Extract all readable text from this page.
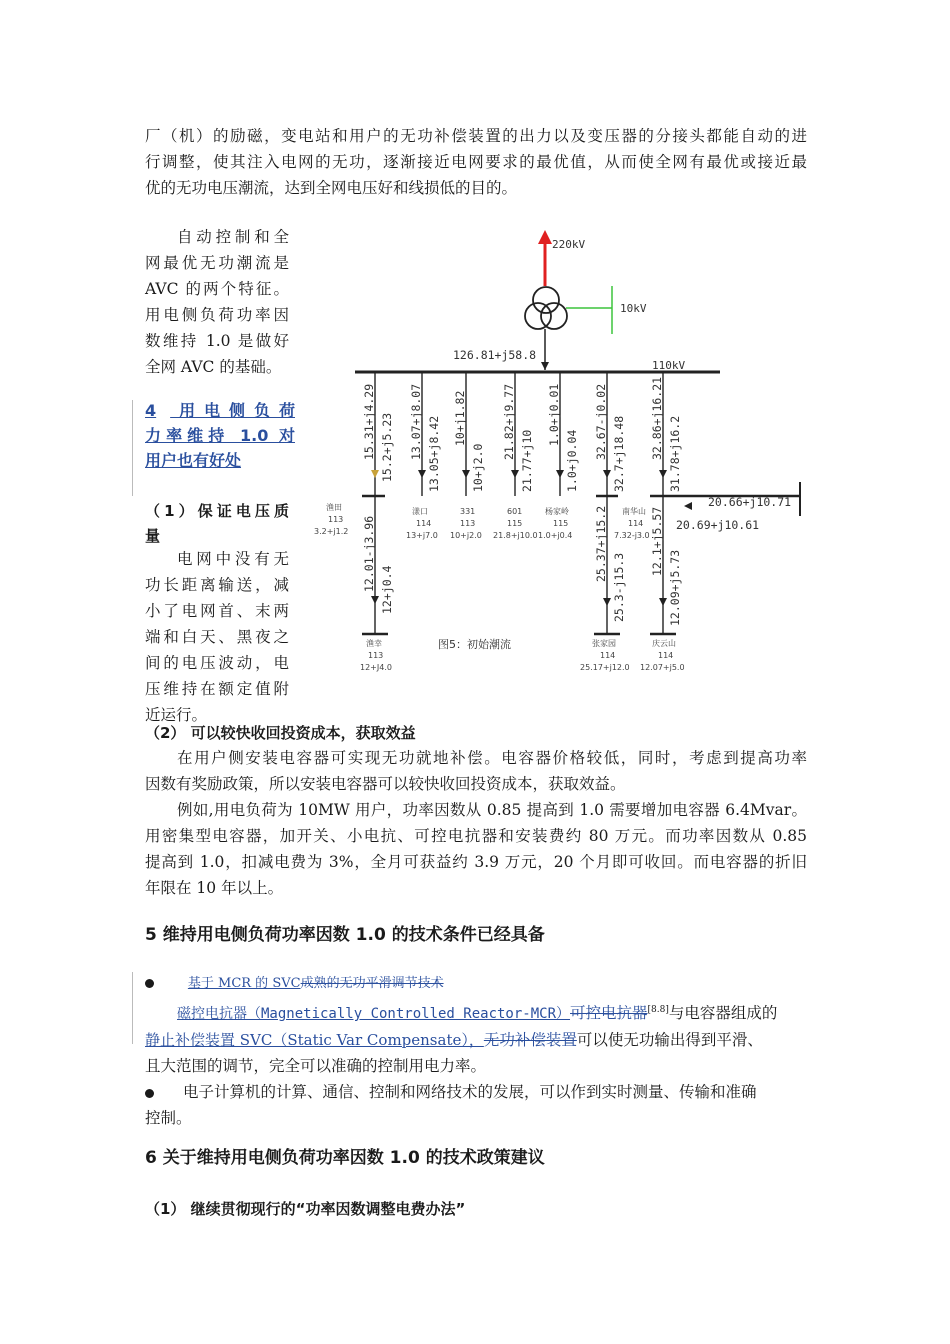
厂（机）的励磁，变电站和用户的无功补偿装置的出力以及变压器的分接头都能自动的进
行调整，使其注入电网的无功，逐渐接近电网要求的最优值，从而使全网有最优或接近最
优的无功电压潮流，达到全网电压好和线损低的目的。
自动控制和全
网最优无功潮流是
AVC 的两个特征。
用电侧负荷功率因
数维持 1.0 是做好
全网 AVC 的基础。
4 用电侧负荷
力率维持 1.0 对
用户也有好处
（1）保证电压质
量
电网中没有无
功长距离输送，减
小了电网首、末两
端和白天、黑夜之
间的电压波动，电
压维持在额定值附
近运行。
220kV
10kV
126.81+j58.8
110kV
15.31+j4.29 15.2+j5.23 13.07+j8.07 13.05+j8.42 10+j1.82
10+j2.0
21.82+j9.77
21.77+j10
1.0+j0.01
1.0+j0.04
32.67-j0.02 32.7+j18.48 32.86+j16.21 31.78+j16.2
渔田
113
3.2+j1.2
漾口
114
13+j7.0
331
113
10+j2.0
601
115
21.8+j10.0
杨家岭
115
1.0+j0.4
南华山
114
7.32-j3.0
20.66+j10.71
20.69+j10.61
12.01-j3.96 12+j0.4
25.37+j15.2
25.3-j15.3
12.1+j5.57
12.09+j5.73
渔幸
113
12+J4.0
张家园
114
25.17+j12.0
庆云山
114
12.07+j5.0
图5：初始潮流
（2） 可以较快收回投资成本，获取效益
在用户侧安装电容器可实现无功就地补偿。电容器价格较低，同时，考虑到提高功率
因数有奖励政策，所以安装电容器可以较快收回投资成本，获取效益。
例如,用电负荷为 10MW 用户，功率因数从 0.85 提高到 1.0 需要增加电容器 6.4Mvar。
用密集型电容器，加开关、小电抗、可控电抗器和安装费约 80 万元。而功率因数从 0.85
提高到 1.0，扣减电费为 3%，全月可获益约 3.9 万元，20 个月即可收回。而电容器的折旧
年限在 10 年以上。
5 维持用电侧负荷功率因数 1.0 的技术条件已经具备
基于 MCR 的 SVC成熟的无功平滑调节技术
磁控电抗器（Magnetically Controlled Reactor-MCR）可控电抗器[8.8]与电容器组成的
静止补偿装置 SVC（Static Var Compensate），无功补偿装置可以使无功输出得到平滑、
且大范围的调节，完全可以准确的控制用电力率。
电子计算机的计算、通信、控制和网络技术的发展，可以作到实时测量、传输和准确
控制。
6 关于维持用电侧负荷功率因数 1.0 的技术政策建议
（1） 继续贯彻现行的“功率因数调整电费办法”
